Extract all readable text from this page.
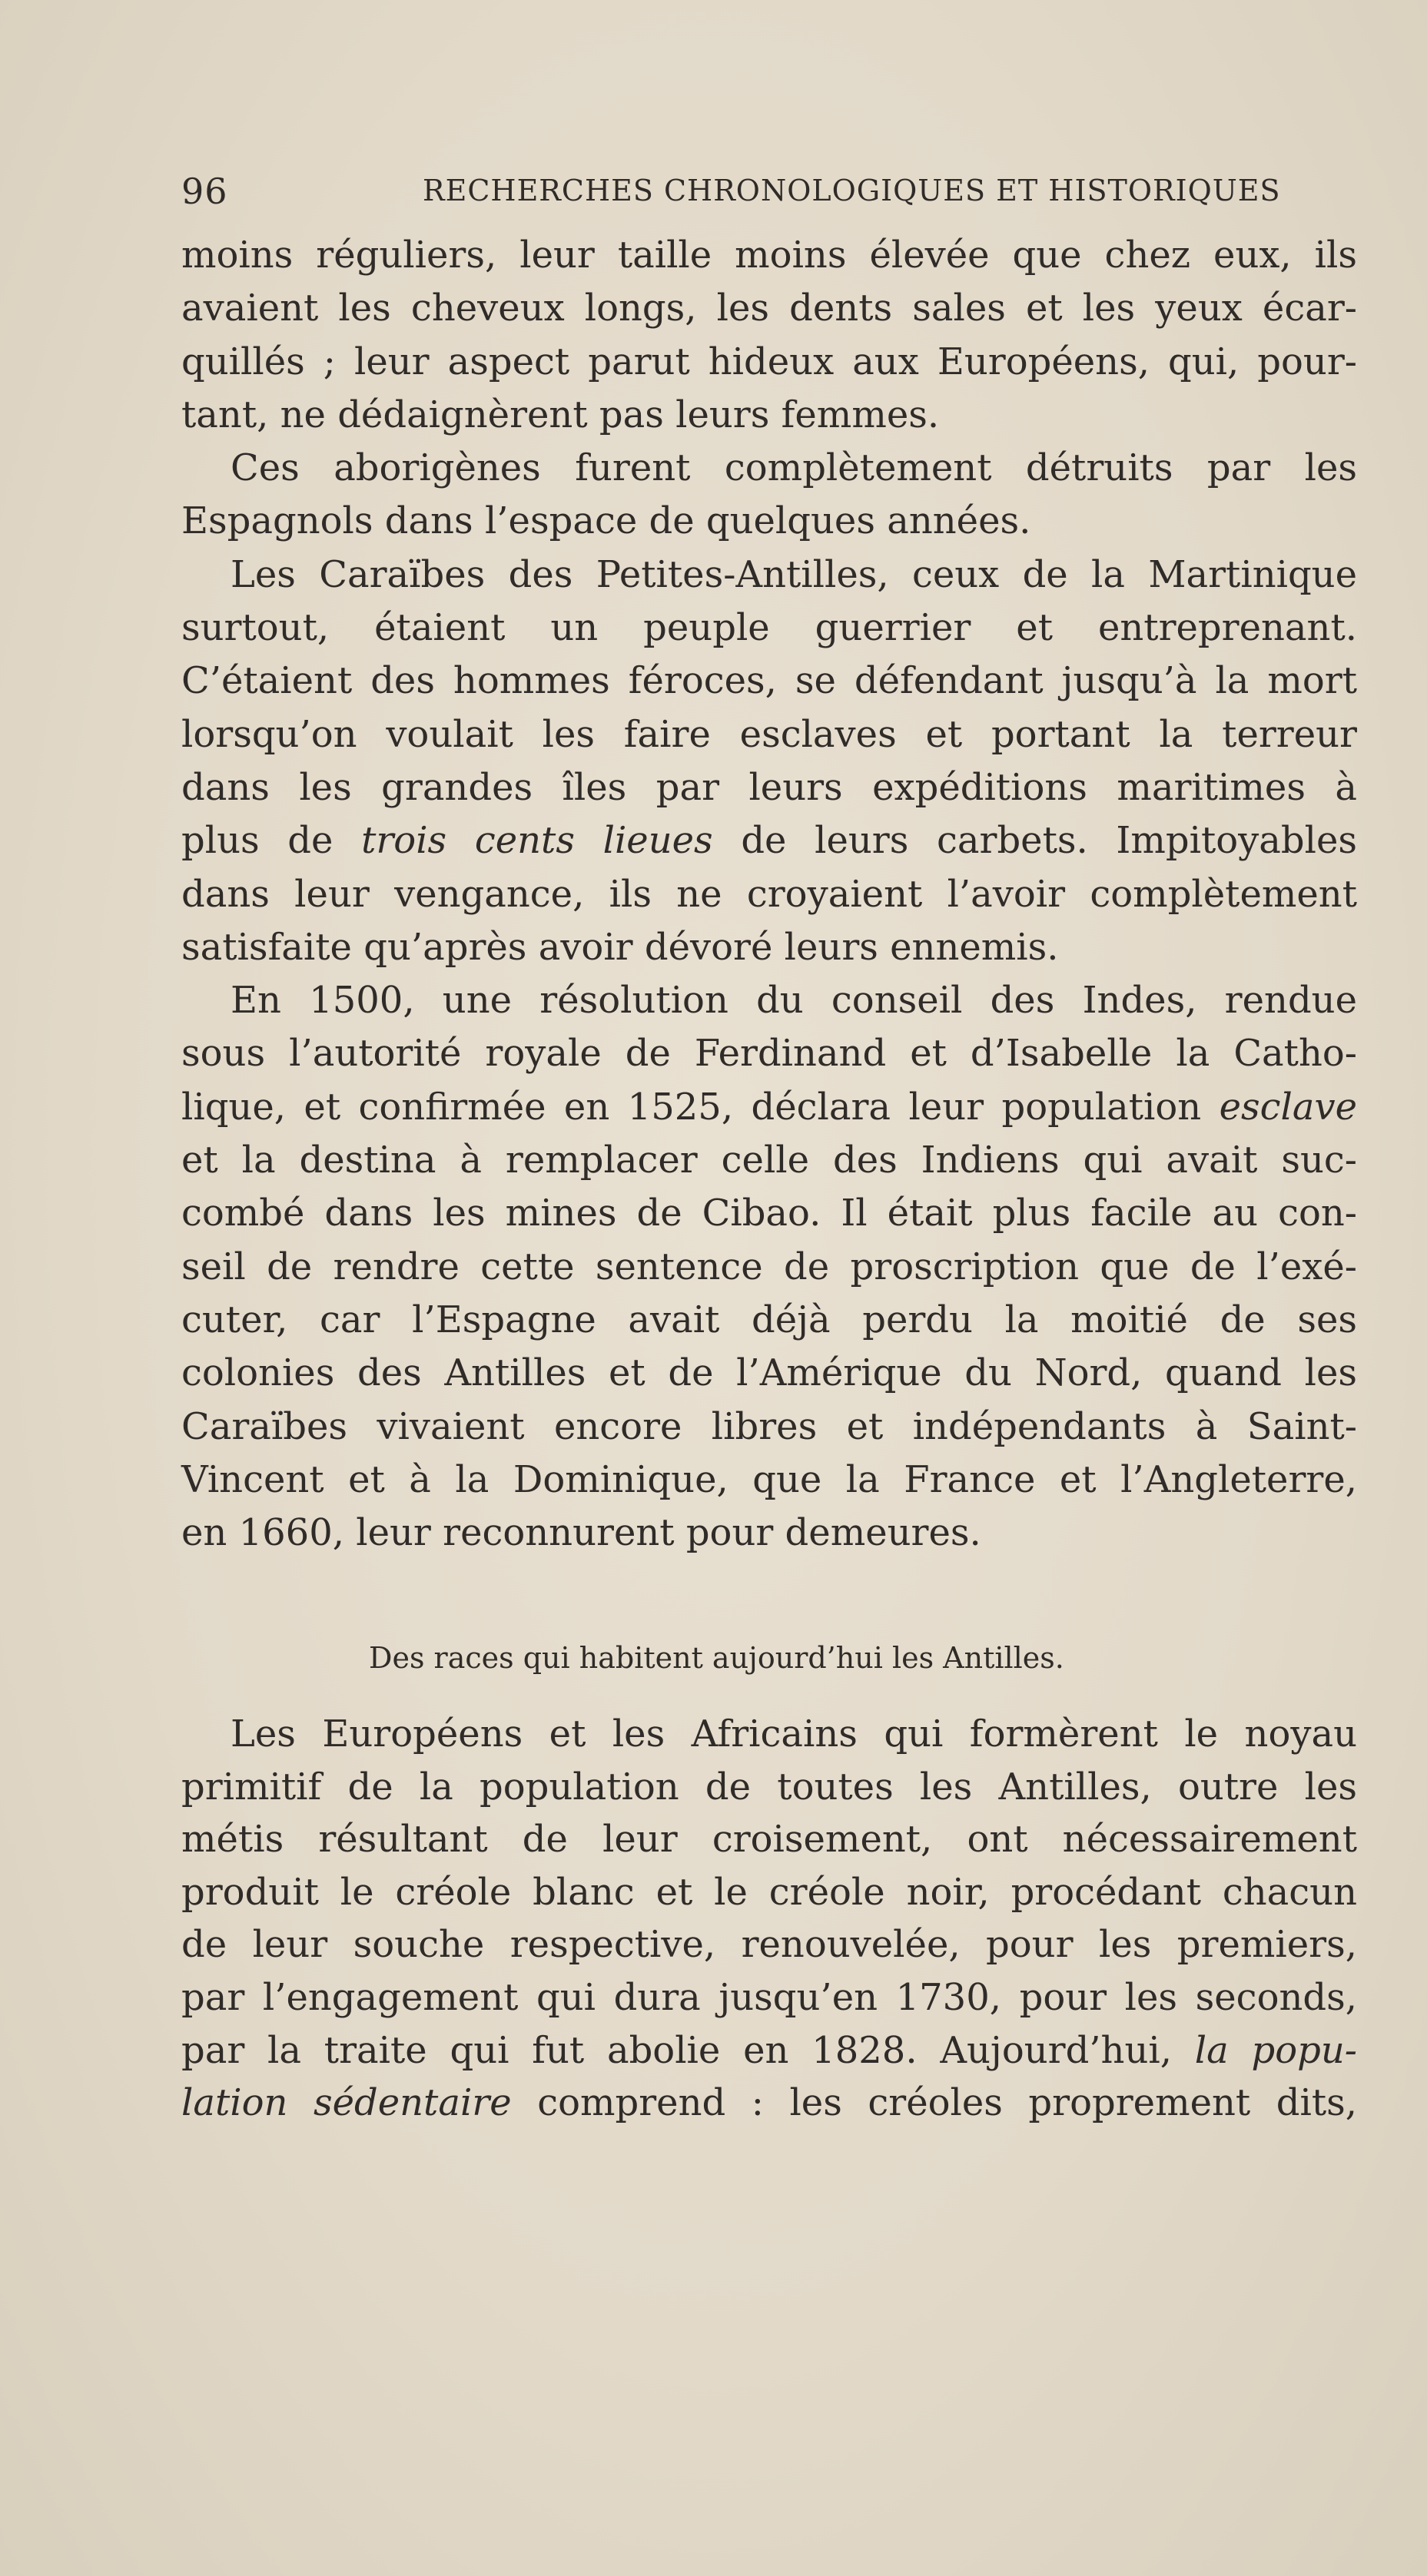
96	RECHERCHES CHRONOLOGIQUES ET HISTORIQUES
moins réguliers, leur taille moins élevée que chez eux, ils
avaient les cheveux longs, les dents sales et les yeux écar-
quillés ; leur aspect parut hideux aux Européens, qui, pour-
tant, ne dédaignèrent pas leurs femmes.
Ces aborigènes furent complètement détruits par les
Espagnols dans l’espace de quelques années.
Les Caraïbes des Petites-Antilles, ceux de la Martinique
surtout, étaient un peuple guerrier et entreprenant.
C’étaient des hommes féroces, se défendant jusqu’à la mort
lorsqu’on voulait les faire esclaves et portant la terreur
dans les grandes îles par leurs expéditions maritimes à
plus de trois cents lieues de leurs carbets. Impitoyables
dans leur vengance, ils ne croyaient l’avoir complètement
satisfaite qu’après avoir dévoré leurs ennemis.
En 1500, une résolution du conseil des Indes, rendue
sous l’autorité royale de Ferdinand et d’Isabelle la Catho-
lique, et confirmée en 1525, déclara leur population esclave
et la destina à remplacer celle des Indiens qui avait suc-
combé dans les mines de Cibao. Il était plus facile au con-
seil de rendre cette sentence de proscription que de l’exé-
cuter, car l’Espagne avait déjà perdu la moitié de ses
colonies des Antilles et de l’Amérique du Nord, quand les
Caraïbes vivaient encore libres et indépendants à Saint-
Vincent et à la Dominique, que la France et l’Angleterre,
en 1660, leur reconnurent pour demeures.
Des races qui habitent aujourd’hui les Antilles.
Les Européens et les Africains qui formèrent le noyau
primitif de la population de toutes les Antilles, outre les
métis résultant de leur croisement, ont nécessairement
produit le créole blanc et le créole noir, procédant chacun
de leur souche respective, renouvelée, pour les premiers,
par l’engagement qui dura jusqu’en 1730, pour les seconds,
par la traite qui fut abolie en 1828. Aujourd’hui, la popu-
lation sédentaire comprend : les créoles proprement dits,
